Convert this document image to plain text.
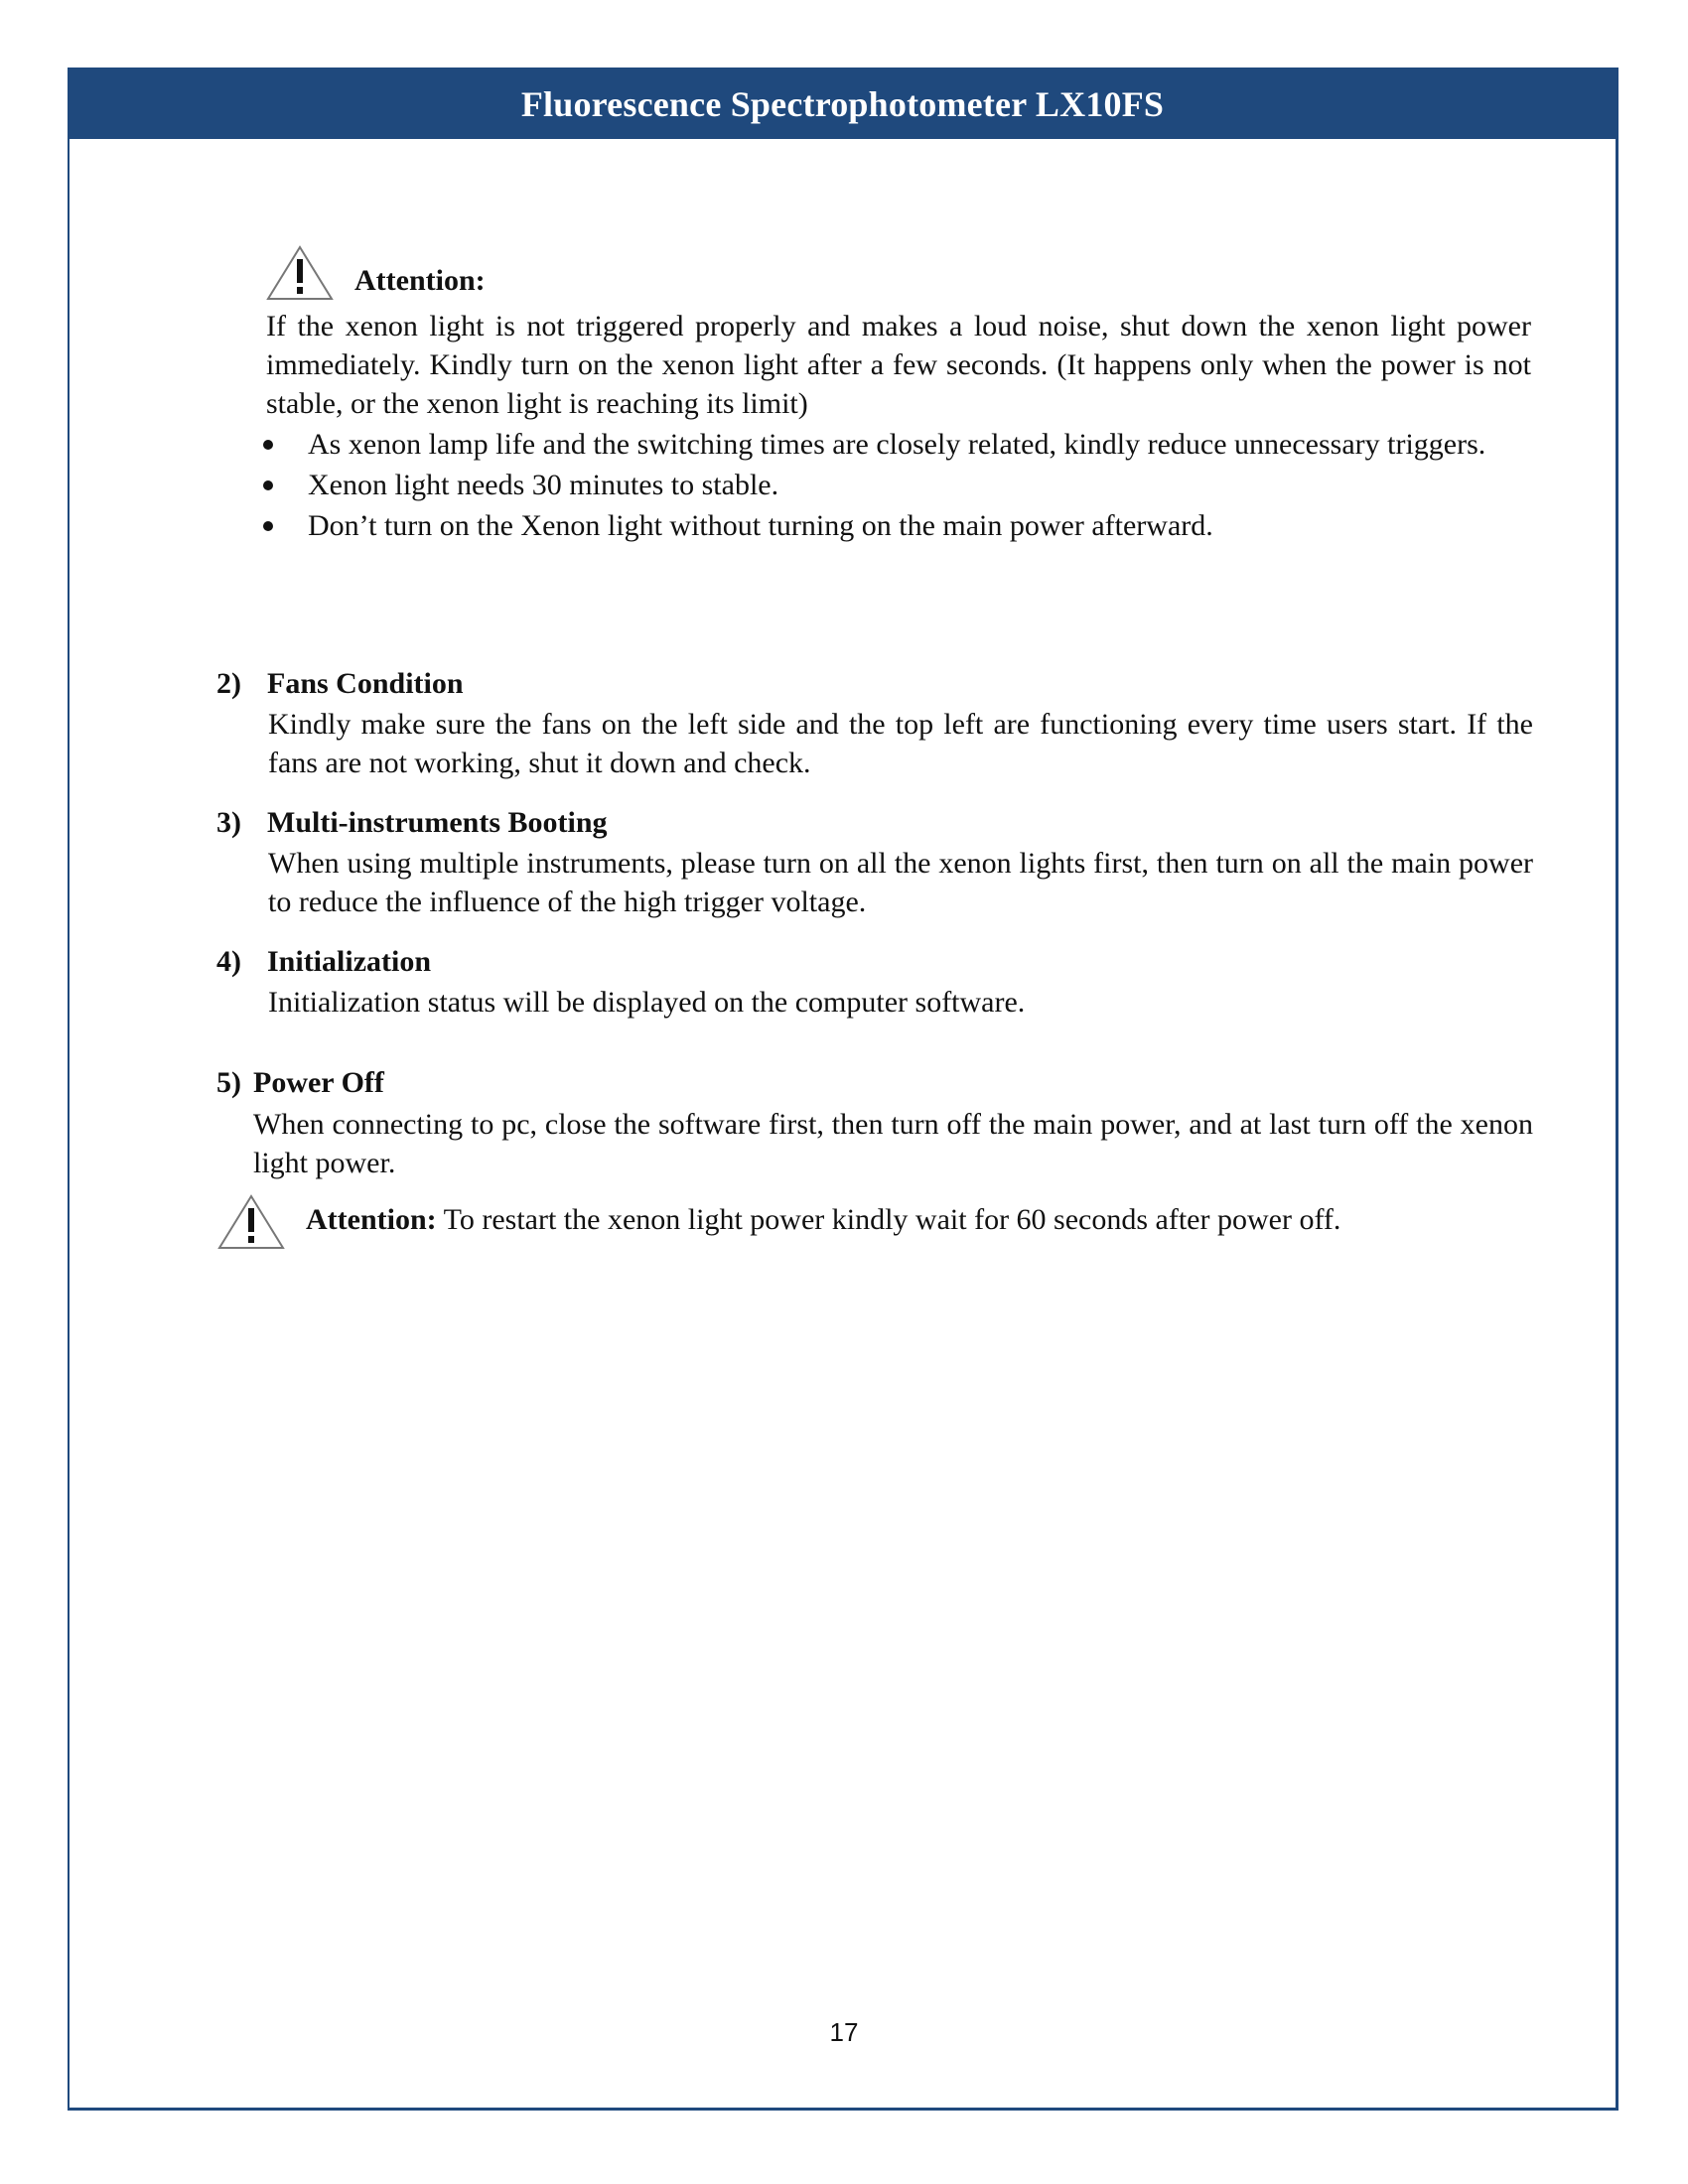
Fluorescence Spectrophotometer LX10FS
Attention:
If the xenon light is not triggered properly and makes a loud noise, shut down the xenon light power immediately. Kindly turn on the xenon light after a few seconds. (It happens only when the power is not stable, or the xenon light is reaching its limit)
As xenon lamp life and the switching times are closely related, kindly reduce unnecessary triggers.
Xenon light needs 30 minutes to stable.
Don’t turn on the Xenon light without turning on the main power afterward.
2) Fans Condition
Kindly make sure the fans on the left side and the top left are functioning every time users start. If the fans are not working, shut it down and check.
3) Multi-instruments Booting
When using multiple instruments, please turn on all the xenon lights first, then turn on all the main power to reduce the influence of the high trigger voltage.
4) Initialization
Initialization status will be displayed on the computer software.
5) Power Off
When connecting to pc, close the software first, then turn off the main power, and at last turn off the xenon light power.
Attention: To restart the xenon light power kindly wait for 60 seconds after power off.
17
